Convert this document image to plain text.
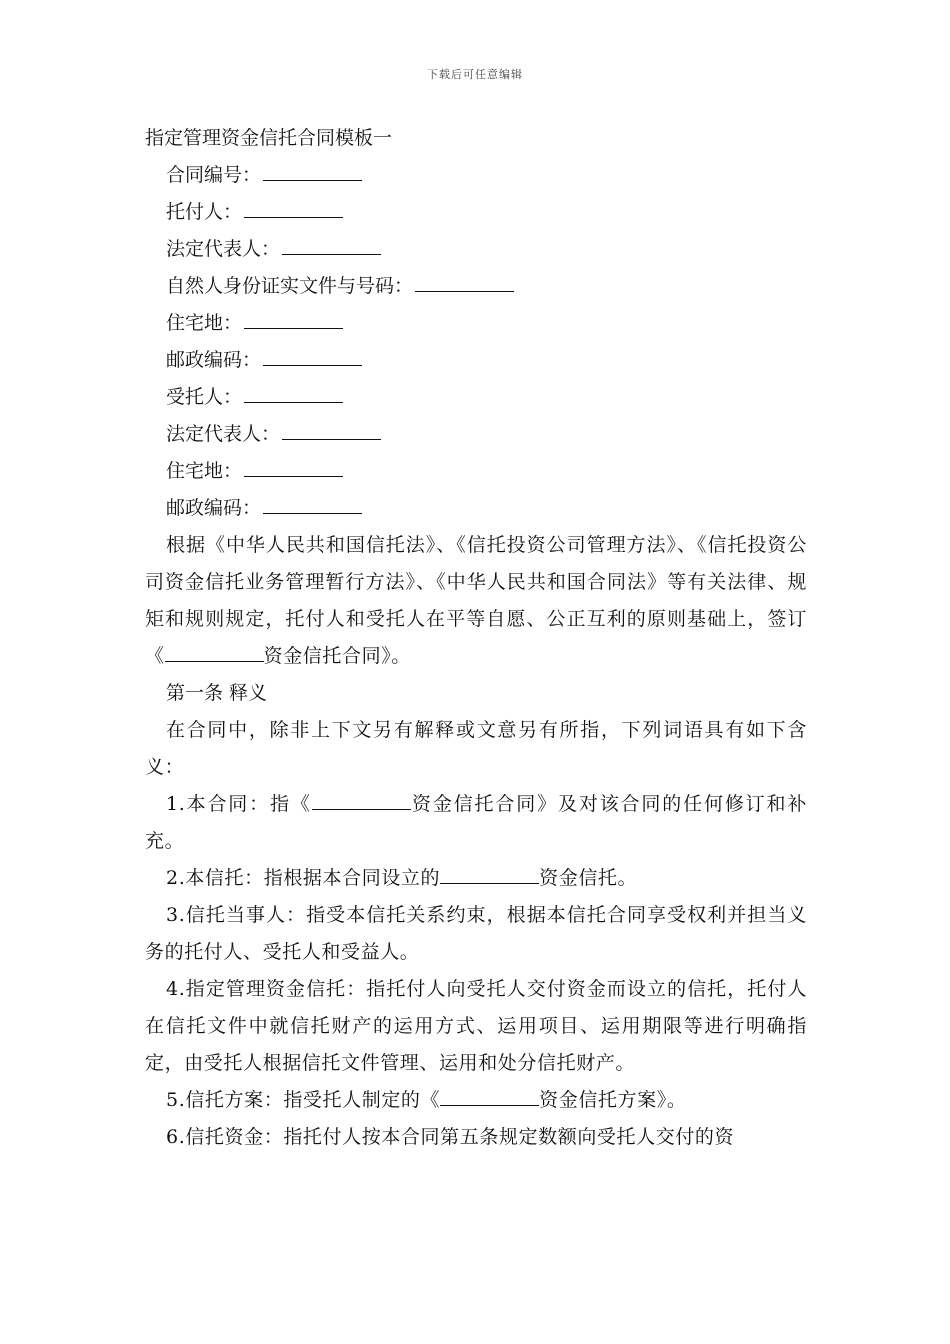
下载后可任意编辑
指定管理资金信托合同模板一
合同编号：
托付人：
法定代表人：
自然人身份证实文件与号码：
住宅地：
邮政编码：
受托人：
法定代表人：
住宅地：
邮政编码：

根据《中华人民共和国信托法》、《信托投资公司管理方法》、《信托投资公司资金信托业务管理暂行方法》、《中华人民共和国合同法》等有关法律、规矩和规则规定，托付人和受托人在平等自愿、公正互利的原则基础上，签订《	资金信托合同》。

第一条 释义

在合同中，除非上下文另有解释或文意另有所指，下列词语具有如下含义：

1.本合同：指《	资金信托合同》及对该合同的任何修订和补充。

2.本信托：指根据本合同设立的	资金信托。

3.信托当事人：指受本信托关系约束，根据本信托合同享受权利并担当义务的托付人、受托人和受益人。

4.指定管理资金信托：指托付人向受托人交付资金而设立的信托，托付人在信托文件中就信托财产的运用方式、运用项目、运用期限等进行明确指定，由受托人根据信托文件管理、运用和处分信托财产。

5.信托方案：指受托人制定的《	资金信托方案》。

6.信托资金：指托付人按本合同第五条规定数额向受托人交付的资
